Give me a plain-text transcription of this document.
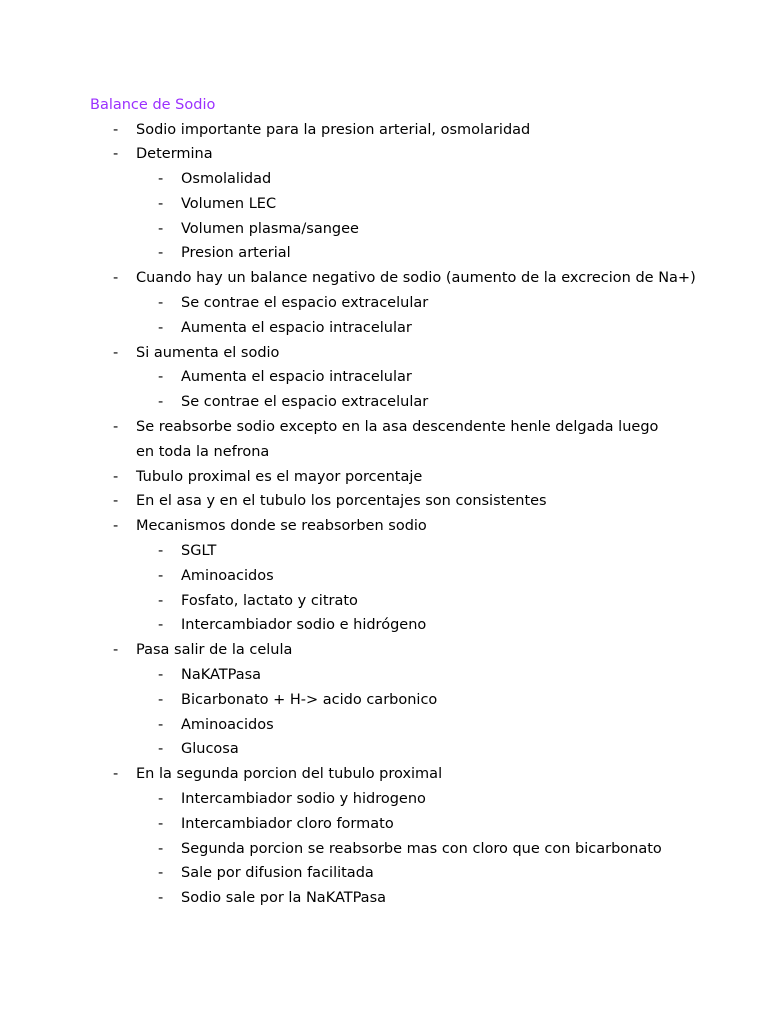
Balance de Sodio
- Sodio importante para la presion arterial, osmolaridad
- Determina
- Osmolalidad
- Volumen LEC
- Volumen plasma/sangee
- Presion arterial
- Cuando hay un balance negativo de sodio (aumento de la excrecion de Na+)
- Se contrae el espacio extracelular
- Aumenta el espacio intracelular
- Si aumenta el sodio
- Aumenta el espacio intracelular
- Se contrae el espacio extracelular
- Se reabsorbe sodio excepto en la asa descendente henle delgada luego en toda la nefrona
- Tubulo proximal es el mayor porcentaje
- En el asa y en el tubulo los porcentajes son consistentes
- Mecanismos donde se reabsorben sodio
- SGLT
- Aminoacidos
- Fosfato, lactato y citrato
- Intercambiador sodio e hidrógeno
- Pasa salir de la celula
- NaKATPasa
- Bicarbonato + H-> acido carbonico
- Aminoacidos
- Glucosa
- En la segunda porcion del tubulo proximal
- Intercambiador sodio y hidrogeno
- Intercambiador cloro formato
- Segunda porcion se reabsorbe mas con cloro que con bicarbonato
- Sale por difusion facilitada
- Sodio sale por la NaKATPasa
